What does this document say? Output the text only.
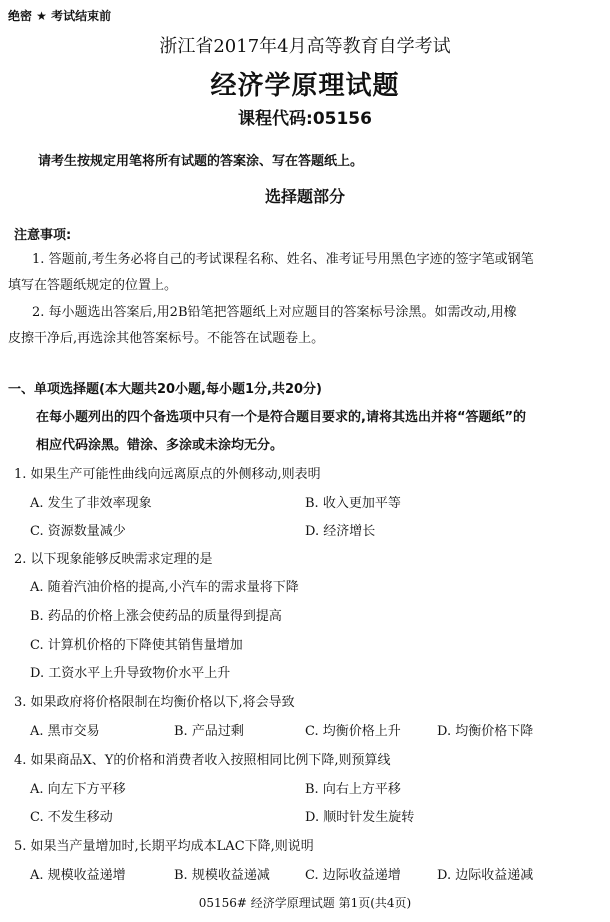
绝密 ★ 考试结束前
浙江省2017年4月高等教育自学考试
经济学原理试题
课程代码:05156
请考生按规定用笔将所有试题的答案涂、写在答题纸上。
选择题部分
注意事项:
1. 答题前,考生务必将自己的考试课程名称、姓名、准考证号用黑色字迹的签字笔或钢笔
填写在答题纸规定的位置上。
2. 每小题选出答案后,用2B铅笔把答题纸上对应题目的答案标号涂黑。如需改动,用橡
皮擦干净后,再选涂其他答案标号。不能答在试题卷上。
一、单项选择题(本大题共20小题,每小题1分,共20分)
在每小题列出的四个备选项中只有一个是符合题目要求的,请将其选出并将“答题纸”的
相应代码涂黑。错涂、多涂或未涂均无分。
1. 如果生产可能性曲线向远离原点的外侧移动,则表明
A. 发生了非效率现象	B. 收入更加平等
C. 资源数量减少	D. 经济增长
2. 以下现象能够反映需求定理的是
A. 随着汽油价格的提高,小汽车的需求量将下降
B. 药品的价格上涨会使药品的质量得到提高
C. 计算机价格的下降使其销售量增加
D. 工资水平上升导致物价水平上升
3. 如果政府将价格限制在均衡价格以下,将会导致
A. 黑市交易	B. 产品过剩	C. 均衡价格上升	D. 均衡价格下降
4. 如果商品X、Y的价格和消费者收入按照相同比例下降,则预算线
A. 向左下方平移	B. 向右上方平移
C. 不发生移动	D. 顺时针发生旋转
5. 如果当产量增加时,长期平均成本LAC下降,则说明
A. 规模收益递增	B. 规模收益递减	C. 边际收益递增	D. 边际收益递减
05156# 经济学原理试题 第1页(共4页)
